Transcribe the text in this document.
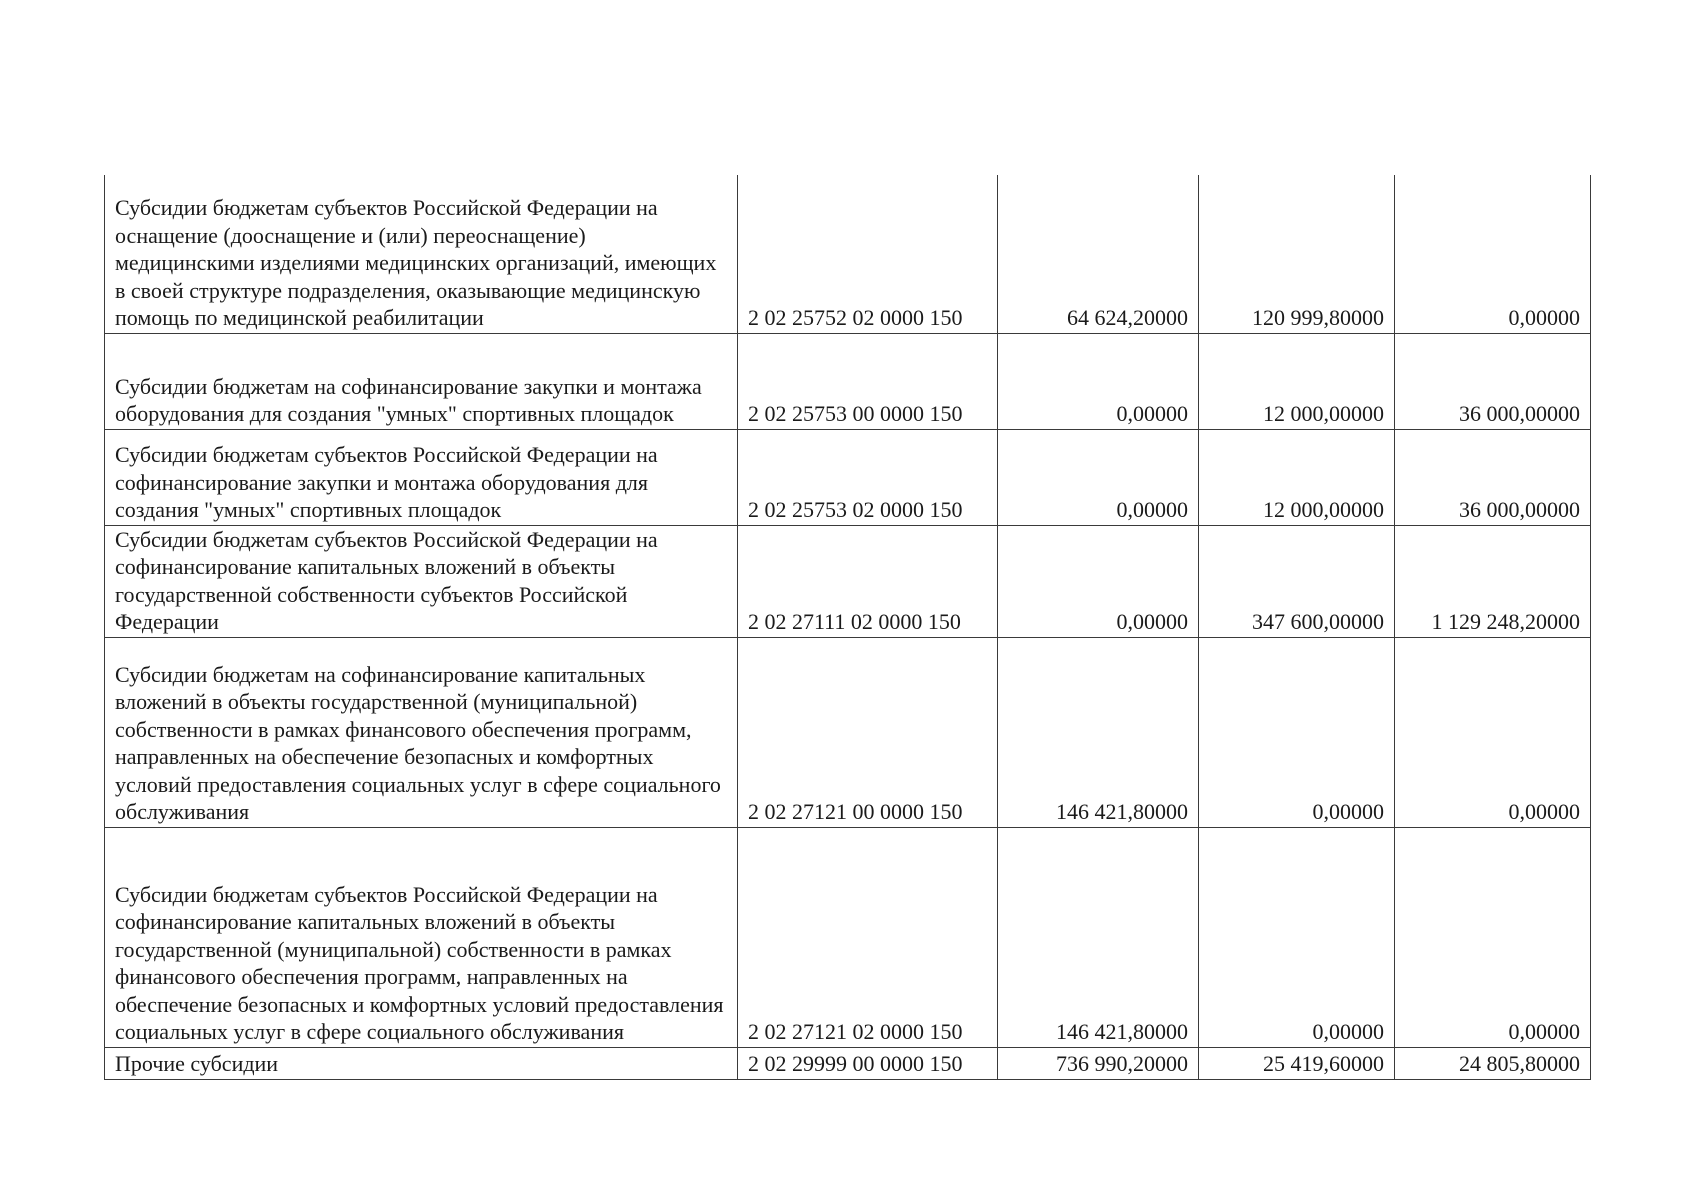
Субсидии бюджетам субъектов Российской Федерации на оснащение (дооснащение и (или) переоснащение) медицинскими изделиями медицинских организаций, имеющих в своей структуре подразделения, оказывающие медицинскую помощь по медицинской реабилитации	2 02 25752 02 0000 150	64 624,20000	120 999,80000	0,00000
Субсидии бюджетам на софинансирование закупки и монтажа оборудования для создания "умных" спортивных площадок	2 02 25753 00 0000 150	0,00000	12 000,00000	36 000,00000
Субсидии бюджетам субъектов Российской Федерации на софинансирование закупки и монтажа оборудования для создания "умных" спортивных площадок	2 02 25753 02 0000 150	0,00000	12 000,00000	36 000,00000
Субсидии бюджетам субъектов Российской Федерации на софинансирование капитальных вложений в объекты государственной собственности субъектов Российской Федерации	2 02 27111 02 0000 150	0,00000	347 600,00000	1 129 248,20000
Субсидии бюджетам на софинансирование капитальных вложений в объекты государственной (муниципальной) собственности в рамках финансового обеспечения программ, направленных на обеспечение безопасных и комфортных условий предоставления социальных услуг в сфере социального обслуживания	2 02 27121 00 0000 150	146 421,80000	0,00000	0,00000
Субсидии бюджетам субъектов Российской Федерации на софинансирование капитальных вложений в объекты государственной (муниципальной) собственности в рамках финансового обеспечения программ, направленных на обеспечение безопасных и комфортных условий предоставления социальных услуг в сфере социального обслуживания	2 02 27121 02 0000 150	146 421,80000	0,00000	0,00000
Прочие субсидии	2 02 29999 00 0000 150	736 990,20000	25 419,60000	24 805,80000
